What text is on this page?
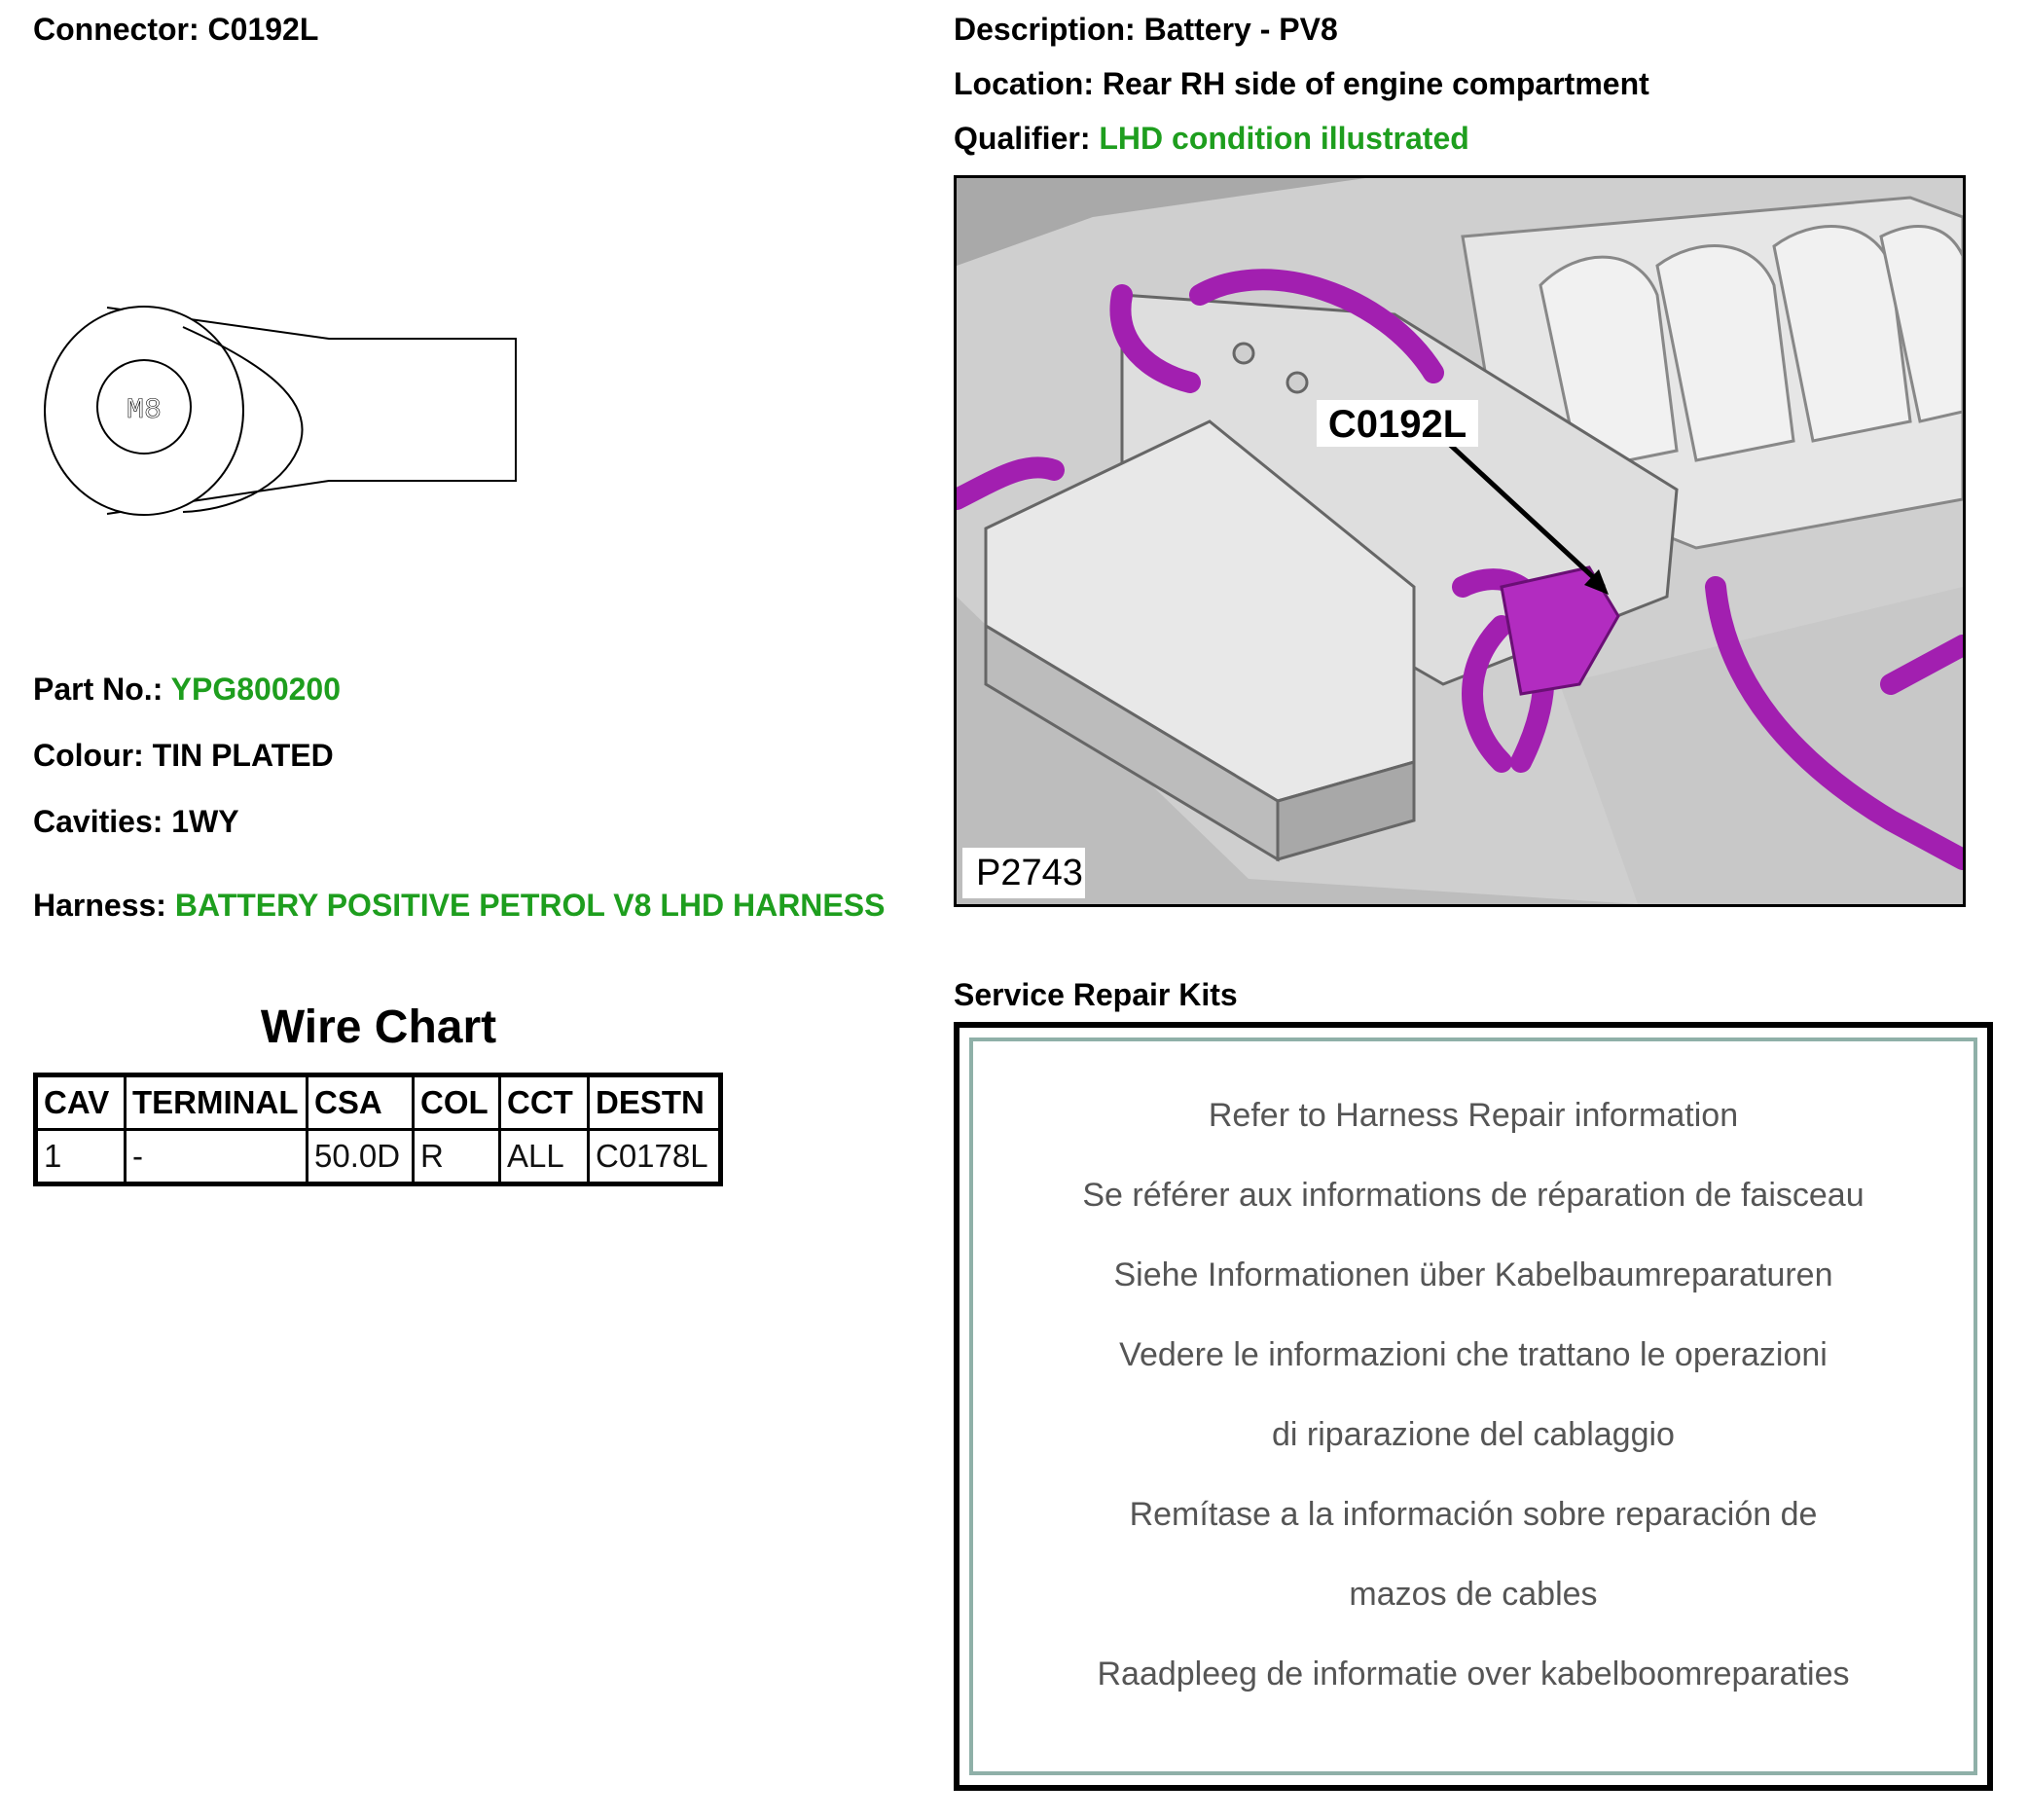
Connector: C0192L	Description: Battery - PV8
Location: Rear RH side of engine compartment
Qualifier: LHD condition illustrated
M8
Part No.: YPG800200
Colour: TIN PLATED
Cavities: 1WY
Harness: BATTERY POSITIVE PETROL V8 LHD HARNESS
Wire Chart
CAV	TERMINAL	CSA	COL	CCT	DESTN
1	-	50.0D	R	ALL	C0178L
C0192L
P2743
Service Repair Kits
Refer to Harness Repair information
Se référer aux informations de réparation de faisceau
Siehe Informationen über Kabelbaumreparaturen
Vedere le informazioni che trattano le operazioni
di riparazione del cablaggio
Remítase a la información sobre reparación de
mazos de cables
Raadpleeg de informatie over kabelboomreparaties
